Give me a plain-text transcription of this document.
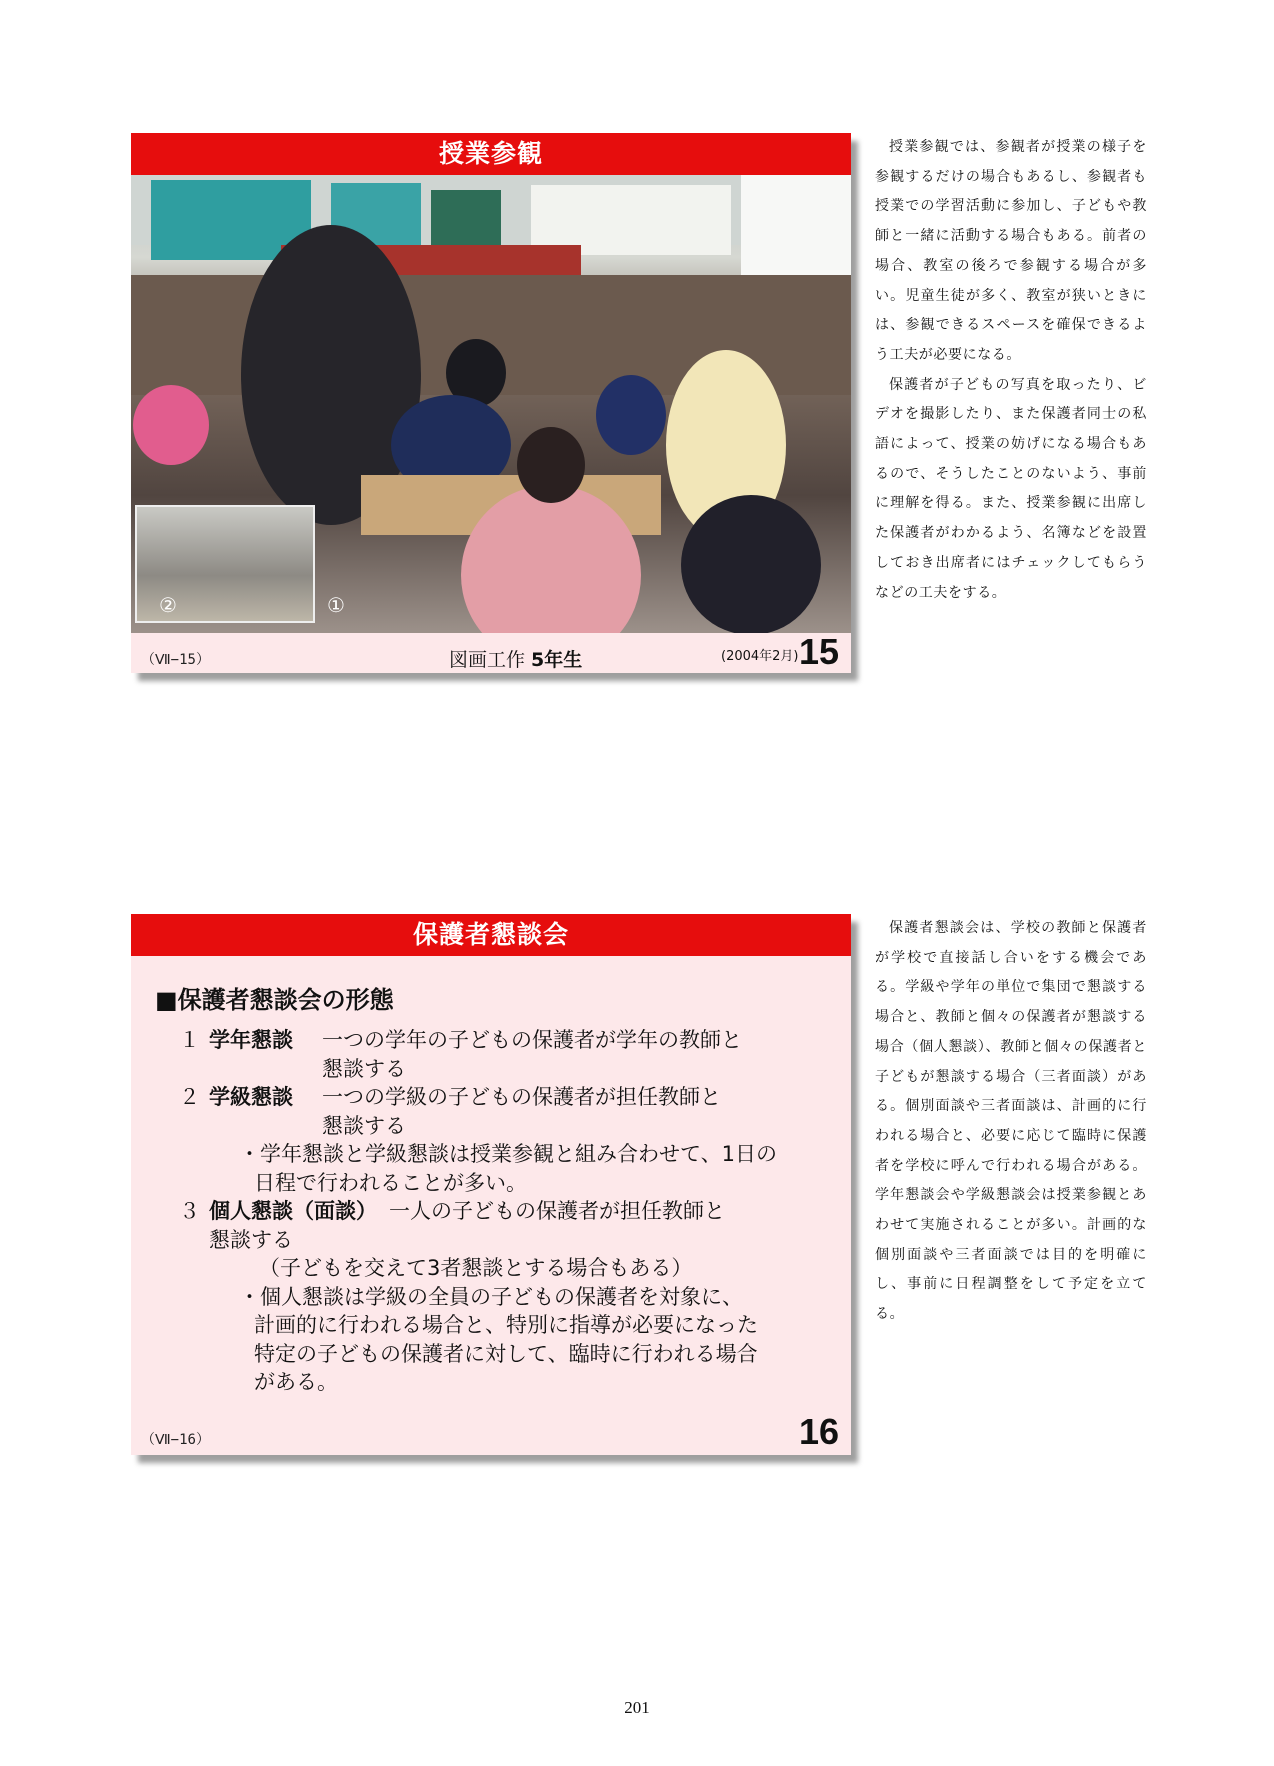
授業参観
②	①
（Ⅶ−15）	図画工作 5年生	(2004年2月) 15

授業参観では、参観者が授業の様子を参観するだけの場合もあるし、参観者も授業での学習活動に参加し、子どもや教師と一緒に活動する場合もある。前者の場合、教室の後ろで参観する場合が多い。児童生徒が多く、教室が狭いときには、参観できるスペースを確保できるよう工夫が必要になる。

保護者が子どもの写真を取ったり、ビデオを撮影したり、また保護者同士の私語によって、授業の妨げになる場合もあるので、そうしたことのないよう、事前に理解を得る。また、授業参観に出席した保護者がわかるよう、名簿などを設置しておき出席者にはチェックしてもらうなどの工夫をする。

保護者懇談会
■保護者懇談会の形態
１ 学年懇談	一つの学年の子どもの保護者が学年の教師と
懇談する
２ 学級懇談	一つの学級の子どもの保護者が担任教師と
懇談する
・学年懇談と学級懇談は授業参観と組み合わせて、1日の
日程で行われることが多い。
３ 個人懇談（面談） 一人の子どもの保護者が担任教師と
懇談する
（子どもを交えて3者懇談とする場合もある）
・個人懇談は学級の全員の子どもの保護者を対象に、
計画的に行われる場合と、特別に指導が必要になった
特定の子どもの保護者に対して、臨時に行われる場合
がある。
（Ⅶ−16）	16

保護者懇談会は、学校の教師と保護者が学校で直接話し合いをする機会である。学級や学年の単位で集団で懇談する場合と、教師と個々の保護者が懇談する場合（個人懇談）、教師と個々の保護者と子どもが懇談する場合（三者面談）がある。個別面談や三者面談は、計画的に行われる場合と、必要に応じて臨時に保護者を学校に呼んで行われる場合がある。学年懇談会や学級懇談会は授業参観とあわせて実施されることが多い。計画的な個別面談や三者面談では目的を明確にし、事前に日程調整をして予定を立てる。

201
